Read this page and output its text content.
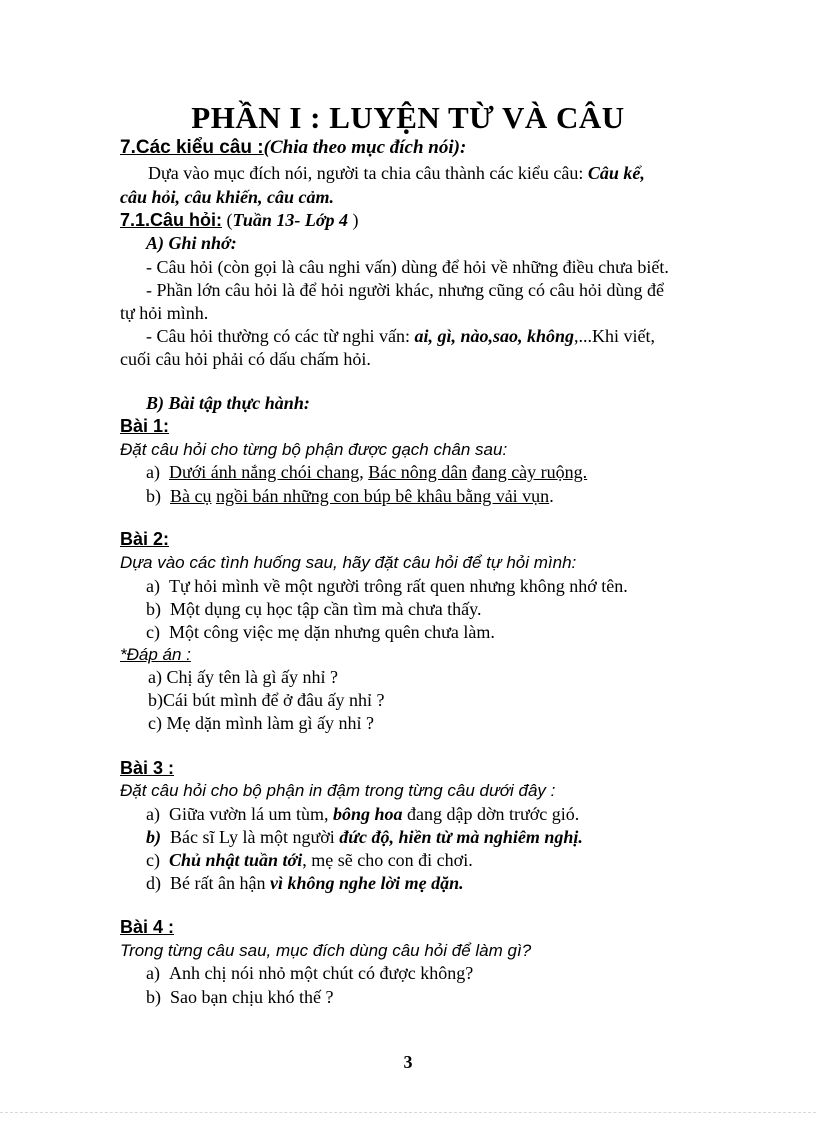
PHẦN I : LUYỆN TỪ VÀ CÂU
7.Các kiểu câu :(Chia theo mục đích nói):
Dựa vào mục đích nói, người ta chia câu thành các kiểu câu: Câu kể,
câu hỏi, câu khiến, câu cảm.
7.1.Câu hỏi: (Tuần 13- Lớp 4 )
A) Ghi nhớ:
- Câu hỏi (còn gọi là câu nghi vấn) dùng để hỏi về những điều chưa biết.
- Phần lớn câu hỏi là để hỏi người khác, nhưng cũng có câu hỏi dùng để
tự hỏi mình.
- Câu hỏi thường có các từ nghi vấn: ai, gì, nào,sao, không,...Khi viết,
cuối câu hỏi phải có dấu chấm hỏi.
B) Bài tập thực hành:
Bài 1:
Đặt câu hỏi cho từng bộ phận được gạch chân sau:
a) Dưới ánh nắng chói chang, Bác nông dân đang cày ruộng.
b) Bà cụ ngồi bán những con búp bê khâu bằng vải vụn.
Bài 2:
Dựa vào các tình huống sau, hãy đặt câu hỏi để tự hỏi mình:
a) Tự hỏi mình về một người trông rất quen nhưng không nhớ tên.
b) Một dụng cụ học tập cần tìm mà chưa thấy.
c) Một công việc mẹ dặn nhưng quên chưa làm.
*Đáp án :
a) Chị ấy tên là gì ấy nhỉ ?
b)Cái bút mình để ở đâu ấy nhỉ ?
c) Mẹ dặn mình làm gì ấy nhỉ ?
Bài 3 :
Đặt câu hỏi cho bộ phận in đậm trong từng câu dưới đây :
a) Giữa vườn lá um tùm, bông hoa đang dập dờn trước gió.
b) Bác sĩ Ly là một người đức độ, hiền từ mà nghiêm nghị.
c) Chủ nhật tuần tới, mẹ sẽ cho con đi chơi.
d) Bé rất ân hận vì không nghe lời mẹ dặn.
Bài 4 :
Trong từng câu sau, mục đích dùng câu hỏi để làm gì?
a) Anh chị nói nhỏ một chút có được không?
b) Sao bạn chịu khó thế ?
3
